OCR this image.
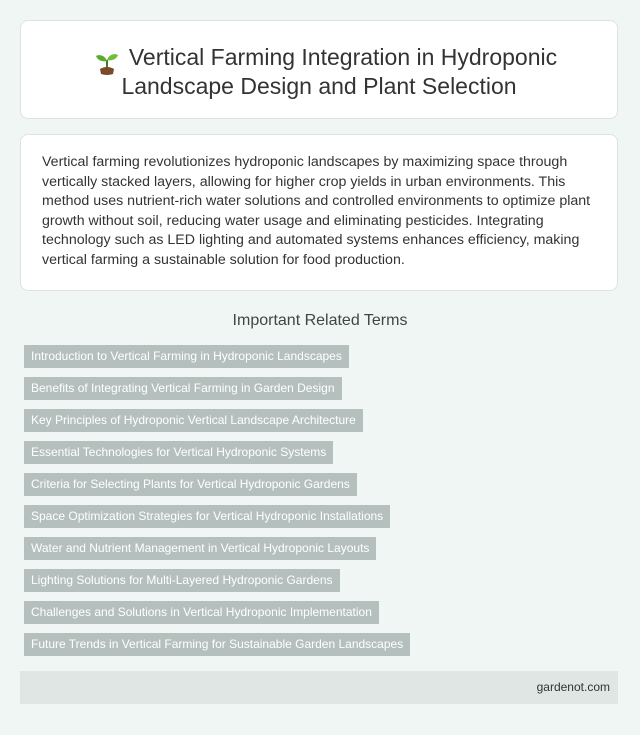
Vertical Farming Integration in Hydroponic Landscape Design and Plant Selection

Vertical farming revolutionizes hydroponic landscapes by maximizing space through vertically stacked layers, allowing for higher crop yields in urban environments. This method uses nutrient-rich water solutions and controlled environments to optimize plant growth without soil, reducing water usage and eliminating pesticides. Integrating technology such as LED lighting and automated systems enhances efficiency, making vertical farming a sustainable solution for food production.

Important Related Terms
Introduction to Vertical Farming in Hydroponic Landscapes
Benefits of Integrating Vertical Farming in Garden Design
Key Principles of Hydroponic Vertical Landscape Architecture
Essential Technologies for Vertical Hydroponic Systems
Criteria for Selecting Plants for Vertical Hydroponic Gardens
Space Optimization Strategies for Vertical Hydroponic Installations
Water and Nutrient Management in Vertical Hydroponic Layouts
Lighting Solutions for Multi-Layered Hydroponic Gardens
Challenges and Solutions in Vertical Hydroponic Implementation
Future Trends in Vertical Farming for Sustainable Garden Landscapes
gardenot.com
